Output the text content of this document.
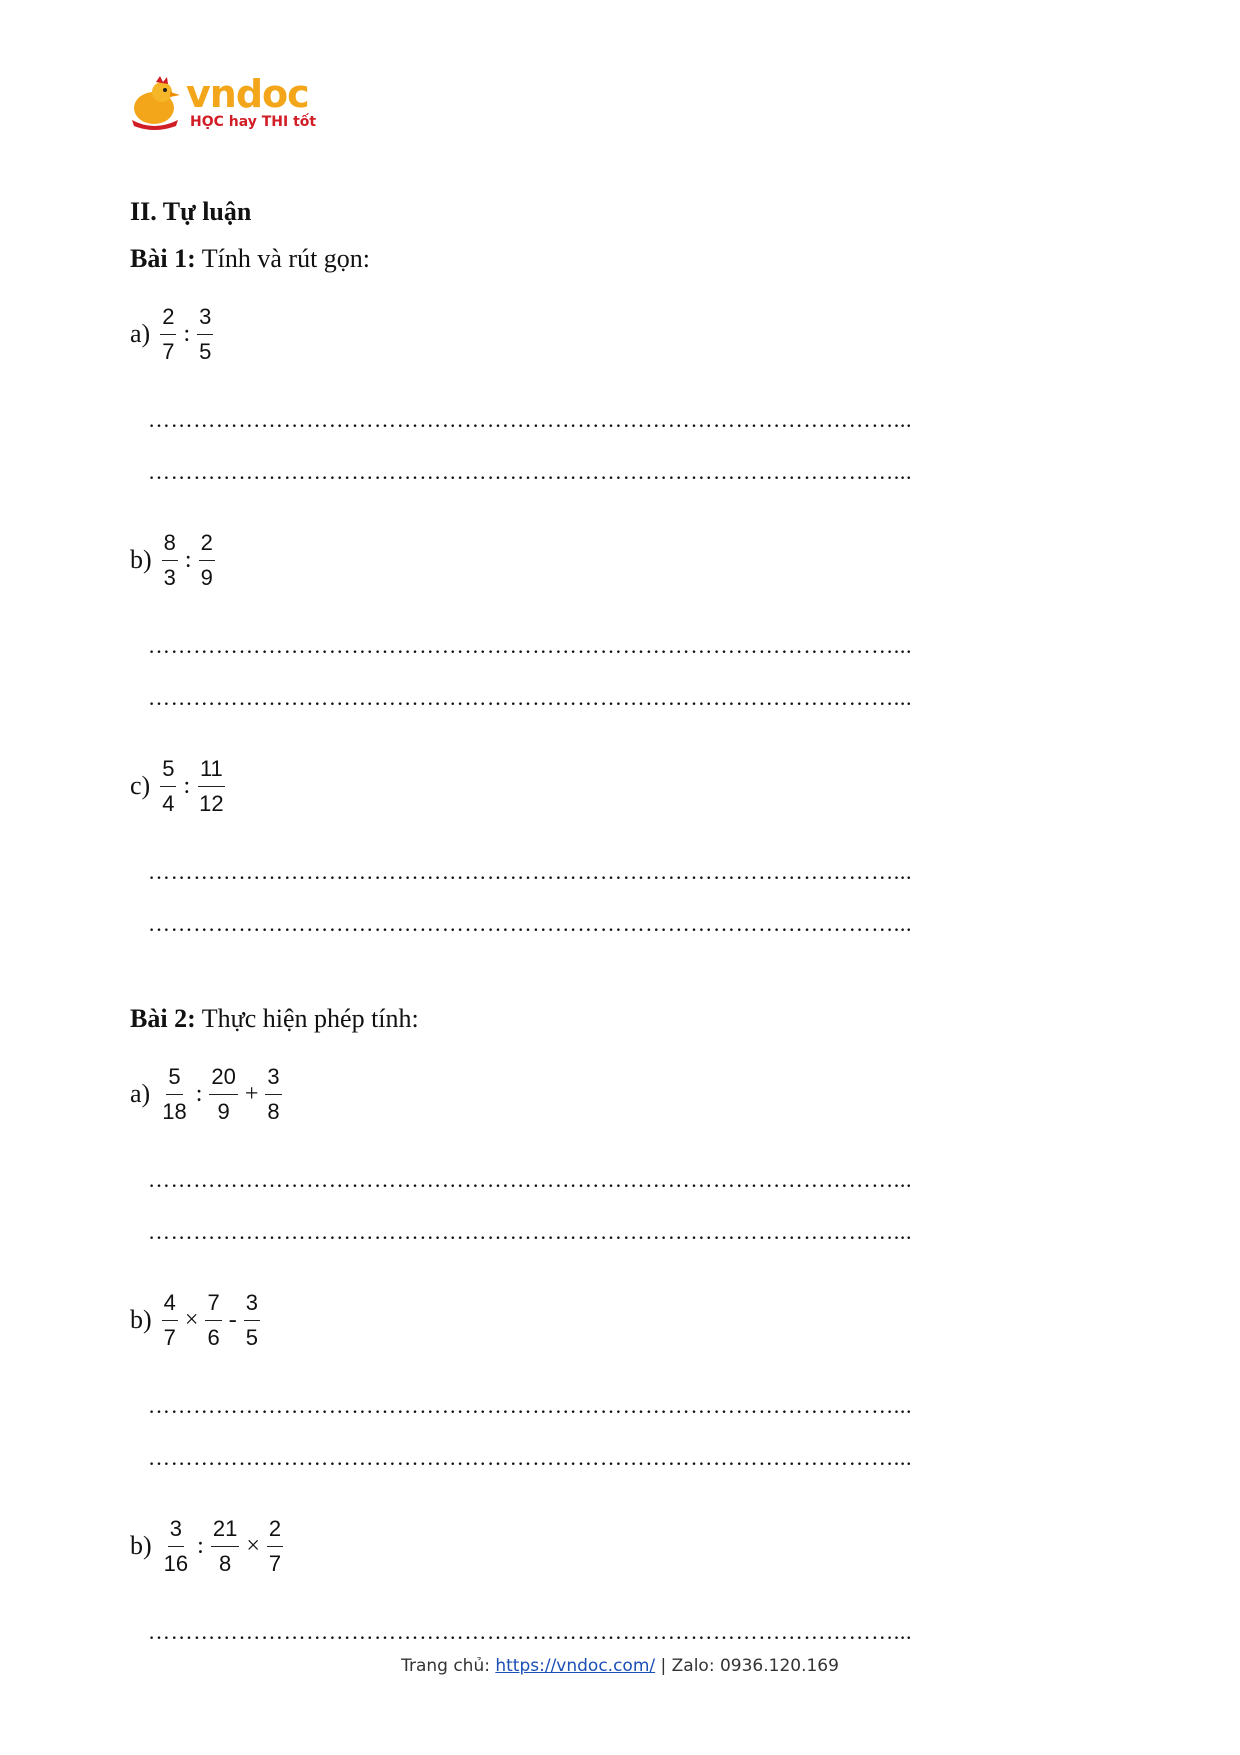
vndoc
HỌC hay THI tốt
II. Tự luận
Bài 1: Tính và rút gọn:
$a) \frac{2}{7}$ : $\frac{3}{5}$
………………………………………………………………………………………...
………………………………………………………………………………………...
$b) \frac{8}{3}$ : $\frac{2}{9}$
………………………………………………………………………………………...
………………………………………………………………………………………...
$c) \frac{5}{4}$ : $\frac{11}{12}$
………………………………………………………………………………………...
………………………………………………………………………………………...
Bài 2: Thực hiện phép tính:
$a) \frac{5}{18}$ : $\frac{20}{9} + \frac{3}{8}$
………………………………………………………………………………………...
………………………………………………………………………………………...
$b) \frac{4}{7} \times \frac{7}{6} - \frac{3}{5}$
………………………………………………………………………………………...
………………………………………………………………………………………...
$b) \frac{3}{16}$ : $\frac{21}{8} \times \frac{2}{7}$
………………………………………………………………………………………...
Trang chủ: https://vndoc.com/ | Zalo: 0936.120.169
